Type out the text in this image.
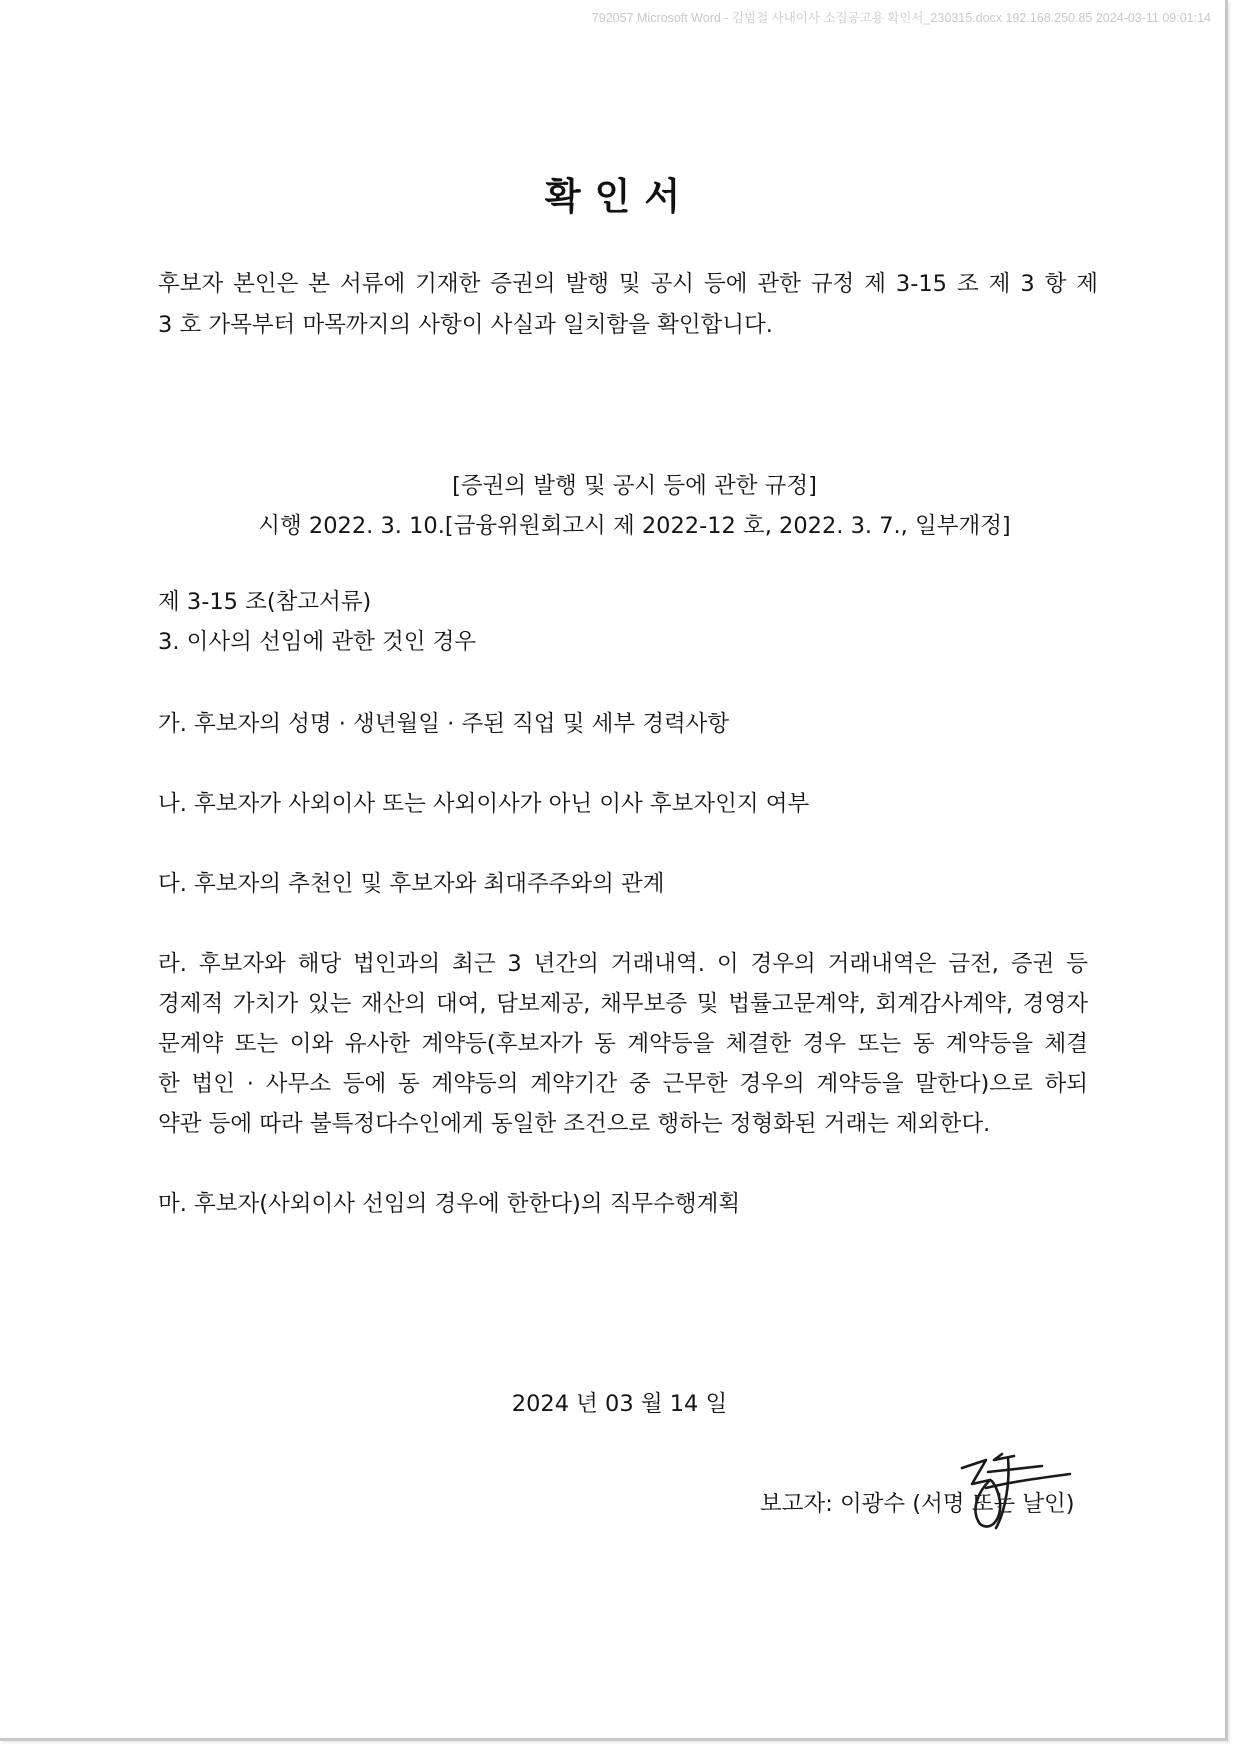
792057 Microsoft Word - 김범철 사내이사 소집공고용 확인서_230315.docx 192.168.250.85 2024-03-11 09:01:14
확인서
후보자 본인은 본 서류에 기재한 증권의 발행 및 공시 등에 관한 규정 제 3-15 조 제 3 항 제
3 호 가목부터 마목까지의 사항이 사실과 일치함을 확인합니다.
[증권의 발행 및 공시 등에 관한 규정]
시행 2022. 3. 10.[금융위원회고시 제 2022-12 호, 2022. 3. 7., 일부개정]
제 3-15 조(참고서류)
3. 이사의 선임에 관한 것인 경우
가. 후보자의 성명 · 생년월일 · 주된 직업 및 세부 경력사항
나. 후보자가 사외이사 또는 사외이사가 아닌 이사 후보자인지 여부
다. 후보자의 추천인 및 후보자와 최대주주와의 관계
라. 후보자와 해당 법인과의 최근 3 년간의 거래내역. 이 경우의 거래내역은 금전, 증권 등
경제적 가치가 있는 재산의 대여, 담보제공, 채무보증 및 법률고문계약, 회계감사계약, 경영자
문계약 또는 이와 유사한 계약등(후보자가 동 계약등을 체결한 경우 또는 동 계약등을 체결
한 법인 · 사무소 등에 동 계약등의 계약기간 중 근무한 경우의 계약등을 말한다)으로 하되
약관 등에 따라 불특정다수인에게 동일한 조건으로 행하는 정형화된 거래는 제외한다.
마. 후보자(사외이사 선임의 경우에 한한다)의 직무수행계획
2024 년 03 월 14 일
보고자: 이광수 (서명 또는 날인)
